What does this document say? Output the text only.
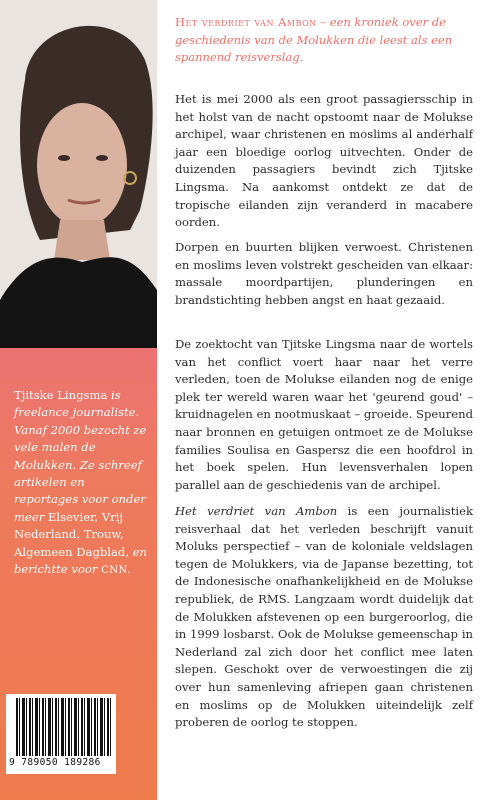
Tjitske Lingsma is freelance journaliste. Vanaf 2000 bezocht ze vele malen de Molukken. Ze schreef artikelen en reportages voor onder meer Elsevier, Vrij Nederland, Trouw, Algemeen Dagblad, en berichtte voor CNN.
9 789050 189286
Het verdriet van Ambon – een kroniek over de geschiedenis van de Molukken die leest als een spannend reisverslag.
Het is mei 2000 als een groot passagiersschip in het holst van de nacht opstoomt naar de Molukse archipel, waar christenen en moslims al anderhalf jaar een bloedige oorlog uitvechten. Onder de duizenden passagiers bevindt zich Tjitske Lingsma. Na aankomst ontdekt ze dat de tropische eilanden zijn veranderd in macabere oorden.
Dorpen en buurten blijken verwoest. Christenen en moslims leven volstrekt gescheiden van elkaar: massale moordpartijen, plunderingen en brandstichting hebben angst en haat gezaaid.
De zoektocht van Tjitske Lingsma naar de wortels van het conflict voert haar naar het verre verleden, toen de Molukse eilanden nog de enige plek ter wereld waren waar het 'geurend goud' – kruidnagelen en nootmuskaat – groeide. Speurend naar bronnen en getuigen ontmoet ze de Molukse families Soulisa en Gaspersz die een hoofdrol in het boek spelen. Hun levensverhalen lopen parallel aan de geschiedenis van de archipel.
Het verdriet van Ambon is een journalistiek reisverhaal dat het verleden beschrijft vanuit Moluks perspectief – van de koloniale veldslagen tegen de Molukkers, via de Japanse bezetting, tot de Indonesische onafhankelijkheid en de Molukse republiek, de RMS. Langzaam wordt duidelijk dat de Molukken afstevenen op een burgeroorlog, die in 1999 losbarst. Ook de Molukse gemeenschap in Nederland zal zich door het conflict mee laten slepen. Geschokt over de verwoestingen die zij over hun samenleving afriepen gaan christenen en moslims op de Molukken uiteindelijk zelf proberen de oorlog te stoppen.
